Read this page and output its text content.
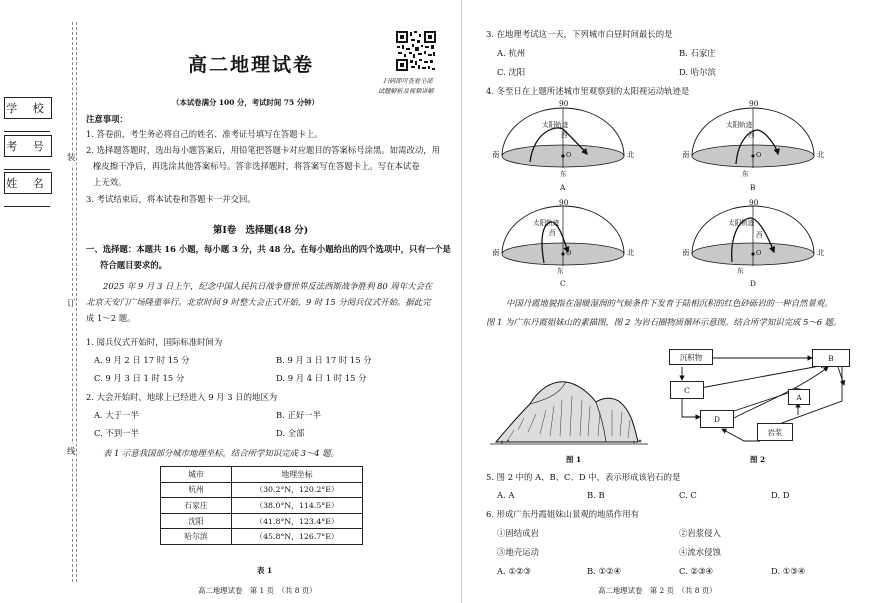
学 校
考 号
姓 名
装
订
线
高二地理试卷
扫码即可查看全部
试题解析及视频讲解
（本试卷满分 100 分，考试时间 75 分钟）
注意事项：
1. 答卷前，考生务必将自己的姓名、准考证号填写在答题卡上。
2. 选择题答题时，选出每小题答案后，用铅笔把答题卡对应题目的答案标号涂黑。如需改动，用
橡皮擦干净后，再选涂其他答案标号。答非选择题时，将答案写在答题卡上。写在本试卷
上无效。
3. 考试结束后，将本试卷和答题卡一并交回。
第Ⅰ卷　选择题(48 分)
一、选择题：本题共 16 小题，每小题 3 分，共 48 分。在每小题给出的四个选项中，只有一个是
符合题目要求的。
2025 年 9 月 3 日上午，纪念中国人民抗日战争暨世界反法西斯战争胜利 80 周年大会在
北京天安门广场隆重举行。北京时间 9 时整大会正式开始，9 时 15 分阅兵仪式开始。据此完
成 1～2 题。
1. 阅兵仪式开始时，国际标准时间为
A. 9 月 2 日 17 时 15 分	B. 9 月 3 日 17 时 15 分
C. 9 月 3 日 1 时 15 分	D. 9 月 4 日 1 时 15 分
2. 大会开始时，地球上已经进入 9 月 3 日的地区为
A. 大于一半	B. 正好一半
C. 不到一半	D. 全部
表 1 示意我国部分城市地理坐标。结合所学知识完成 3～4 题。
城市	地理坐标
杭州	（30.2°N，120.2°E）
石家庄	（38.0°N，114.5°E）
沈阳	（41.8°N，123.4°E）
哈尔滨	（45.8°N，126.7°E）
表 1
高二地理试卷　第 1 页　（共 8 页）
3. 在地理考试这一天，下列城市白昼时间最长的是
A. 杭州	B. 石家庄
C. 沈阳	D. 哈尔滨
4. 冬至日在上题所述城市里观察到的太阳视运动轨迹是
90
太阳轨迹
西
南	O	北
东
A
90
太阳轨迹
西
南	O	北
东
B
90
太阳轨迹
西
南	O	北
东
C
90
太阳轨迹
西
南	O	北
东
D
中国丹霞地貌指在湿暖湿润的气候条件下发育于陆相沉积的红色砂砾岩的一种自然景观。
图 1 为广东丹霞姐妹山的素描图，图 2 为岩石圈物质循环示意图。结合所学知识完成 5～6 题。
图 1
沉积物	B
C
A
D
岩浆
图 2
5. 图 2 中的 A、B、C、D 中，表示形成该岩石的是
A. A	B. B	C. C	D. D
6. 形成广东丹霞姐妹山景观的地质作用有
①固结成岩	②岩浆侵入
③地壳运动	④流水侵蚀
A. ①②③	B. ①②④	C. ②③④	D. ①③④
高二地理试卷　第 2 页　（共 8 页）
